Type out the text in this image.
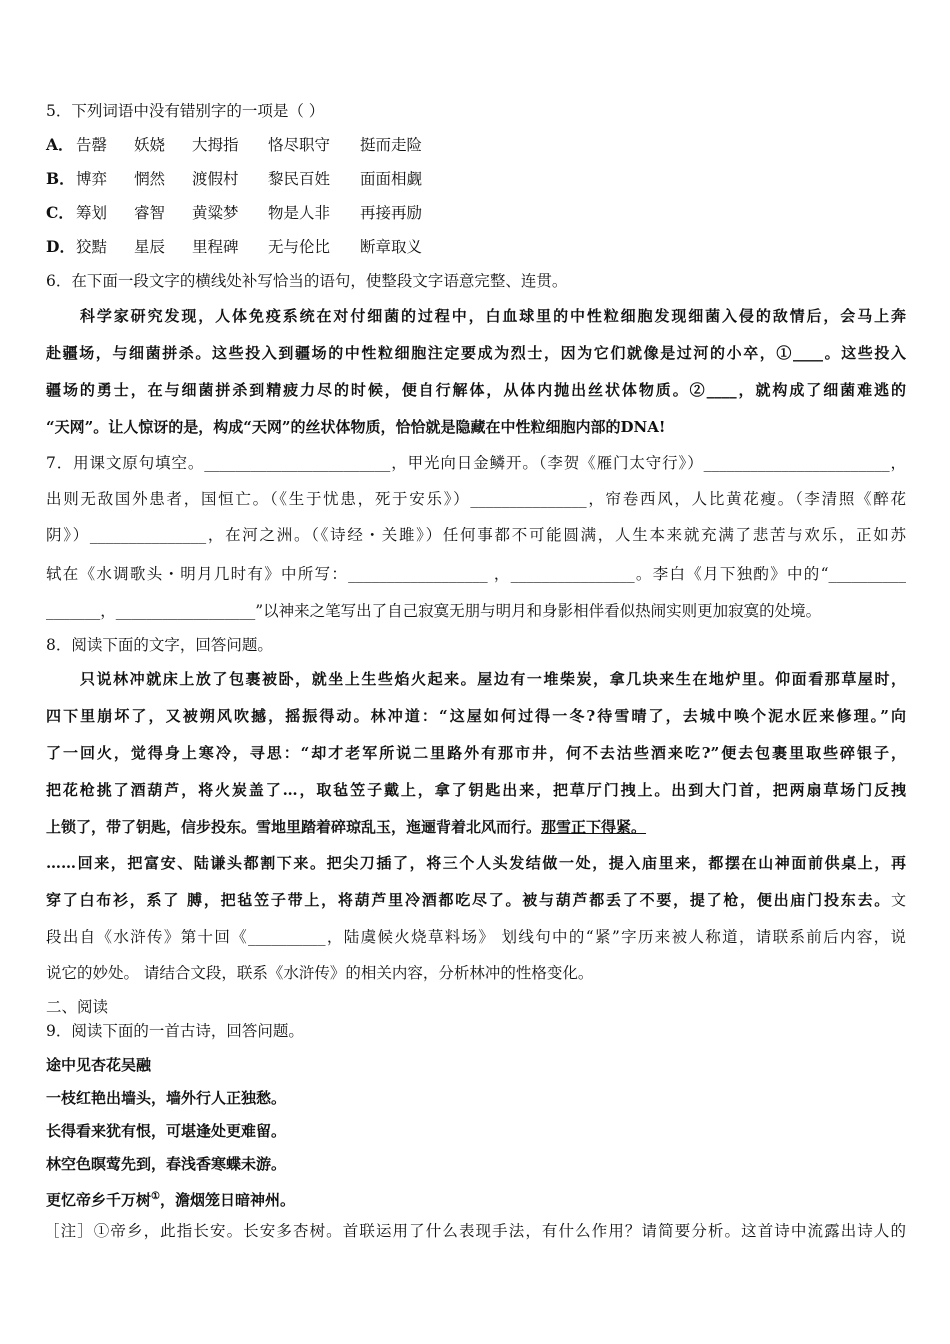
5．下列词语中没有错别字的一项是（ ）
A． 告罄 妖娆 大拇指 恪尽职守 挺而走险
B． 博弈 惘然 渡假村 黎民百姓 面面相觑
C． 筹划 睿智 黄粱梦 物是人非 再接再励
D． 狡黠 星辰 里程碑 无与伦比 断章取义
6．在下面一段文字的横线处补写恰当的语句，使整段文字语意完整、连贯。
科学家研究发现，人体免疫系统在对付细菌的过程中，白血球里的中性粒细胞发现细菌入侵的敌情后，会马上奔
赴疆场，与细菌拼杀。这些投入到疆场的中性粒细胞注定要成为烈士，因为它们就像是过河的小卒，①____。这些投入
疆场的勇士，在与细菌拼杀到精疲力尽的时候，便自行解体，从体内抛出丝状体物质。②____，就构成了细菌难逃的
“天网”。让人惊讶的是，构成“天网”的丝状体物质，恰恰就是隐藏在中性粒细胞内部的DNA!
7．用课文原句填空。________________________，甲光向日金鳞开。（李贺《雁门太守行》）________________________，
出则无敌国外患者，国恒亡。（《生于忧患，死于安乐》）_______________，帘卷西风，人比黄花瘦。（李清照《醉花
阴》）_______________，在河之洲。（《诗经・关雎》）任何事都不可能圆满，人生本来就充满了悲苦与欢乐，正如苏
轼在《水调歌头・明月几时有》中所写：__________________ ，________________。李白《月下独酌》中的“__________
_______，__________________”以神来之笔写出了自己寂寞无朋与明月和身影相伴看似热闹实则更加寂寞的处境。
8．阅读下面的文字，回答问题。
只说林冲就床上放了包裹被卧，就坐上生些焰火起来。屋边有一堆柴炭，拿几块来生在地炉里。仰面看那草屋时，
四下里崩坏了，又被朔风吹撼，摇振得动。林冲道：“这屋如何过得一冬?待雪晴了，去城中唤个泥水匠来修理。”向
了一回火，觉得身上寒冷，寻思：“却才老军所说二里路外有那市井，何不去沽些酒来吃?”便去包裹里取些碎银子，
把花枪挑了酒葫芦，将火炭盖了…，取毡笠子戴上，拿了钥匙出来，把草厅门拽上。出到大门首，把两扇草场门反拽
上锁了，带了钥匙，信步投东。雪地里踏着碎琼乱玉，迤逦背着北风而行。那雪正下得紧。
……回来，把富安、陆谦头都割下来。把尖刀插了，将三个人头发结做一处，提入庙里来，都摆在山神面前供桌上，再
穿了白布衫，系了 膊，把毡笠子带上，将葫芦里冷酒都吃尽了。被与葫芦都丢了不要，提了枪，便出庙门投东去。文
段出自《水浒传》第十回《__________，陆虞候火烧草料场》 划线句中的“紧”字历来被人称道，请联系前后内容，说
说它的妙处。 请结合文段，联系《水浒传》的相关内容，分析林冲的性格变化。
二、阅读
9．阅读下面的一首古诗，回答问题。
途中见杏花吴融
一枝红艳出墙头，墙外行人正独愁。
长得看来犹有恨，可堪逢处更难留。
林空色暝莺先到，春浅香寒蝶未游。
更忆帝乡千万树①，澹烟笼日暗神州。
［注］①帝乡，此指长安。长安多杏树。首联运用了什么表现手法，有什么作用？请简要分析。这首诗中流露出诗人的
